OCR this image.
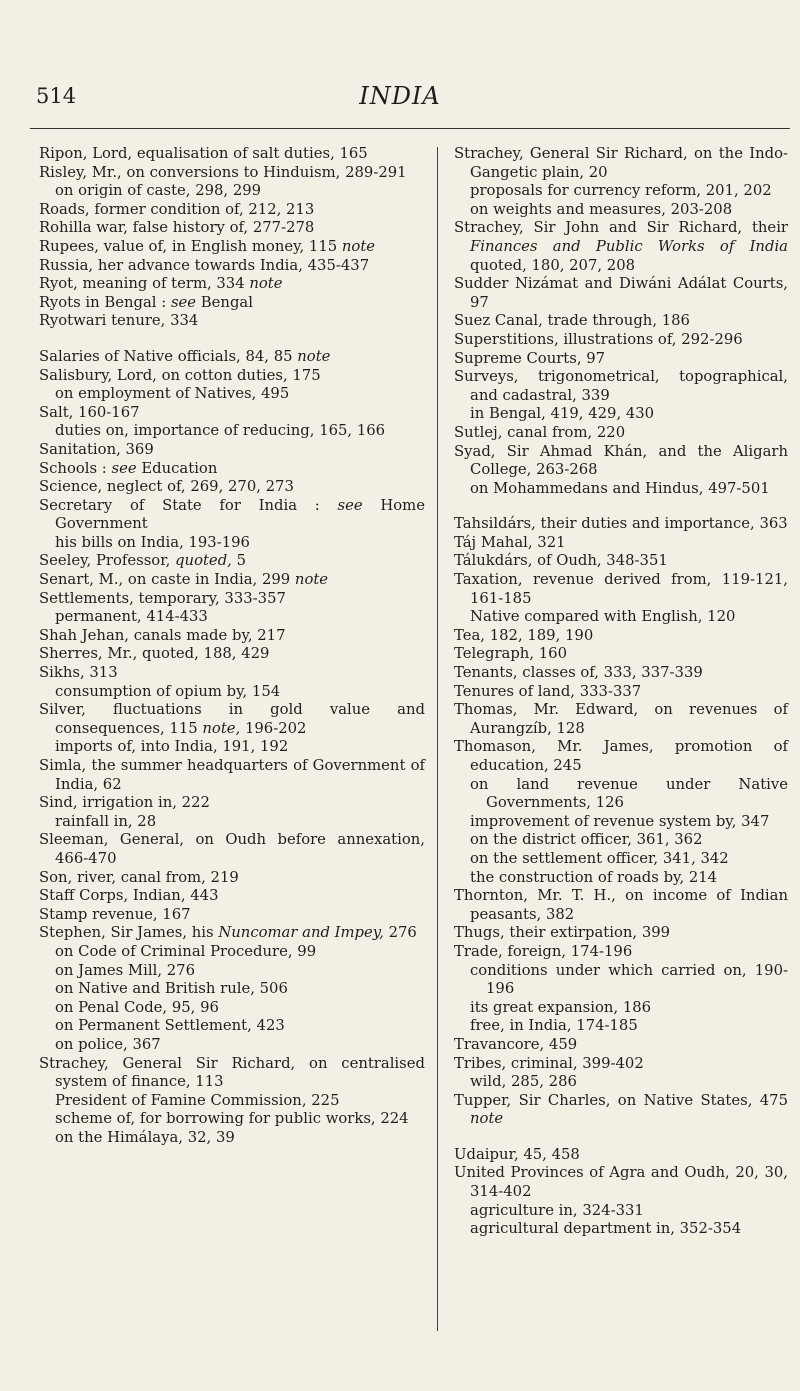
514	INDIA
Ripon, Lord, equalisation of salt duties, 165
Risley, Mr., on conversions to Hinduism, 289-291
on origin of caste, 298, 299
Roads, former condition of, 212, 213
Rohilla war, false history of, 277-278
Rupees, value of, in English money, 115 note
Russia, her advance towards India, 435-437
Ryot, meaning of term, 334 note
Ryots in Bengal : see Bengal
Ryotwari tenure, 334
Salaries of Native officials, 84, 85 note
Salisbury, Lord, on cotton duties, 175
on employment of Natives, 495
Salt, 160-167
duties on, importance of reducing, 165, 166
Sanitation, 369
Schools : see Education
Science, neglect of, 269, 270, 273
Secretary of State for India : see Home Government
his bills on India, 193-196
Seeley, Professor, quoted, 5
Senart, M., on caste in India, 299 note
Settlements, temporary, 333-357
permanent, 414-433
Shah Jehan, canals made by, 217
Sherres, Mr., quoted, 188, 429
Sikhs, 313
consumption of opium by, 154
Silver, fluctuations in gold value and consequences, 115 note, 196-202
imports of, into India, 191, 192
Simla, the summer headquarters of Government of India, 62
Sind, irrigation in, 222
rainfall in, 28
Sleeman, General, on Oudh before annexation, 466-470
Son, river, canal from, 219
Staff Corps, Indian, 443
Stamp revenue, 167
Stephen, Sir James, his Nuncomar and Impey, 276
on Code of Criminal Procedure, 99
on James Mill, 276
on Native and British rule, 506
on Penal Code, 95, 96
on Permanent Settlement, 423
on police, 367
Strachey, General Sir Richard, on centralised system of finance, 113
President of Famine Commission, 225
scheme of, for borrowing for public works, 224
on the Himálaya, 32, 39
Strachey, General Sir Richard, on the Indo-Gangetic plain, 20
proposals for currency reform, 201, 202
on weights and measures, 203-208
Strachey, Sir John and Sir Richard, their Finances and Public Works of India quoted, 180, 207, 208
Sudder Nizámat and Diwáni Adálat Courts, 97
Suez Canal, trade through, 186
Superstitions, illustrations of, 292-296
Supreme Courts, 97
Surveys, trigonometrical, topographical, and cadastral, 339
in Bengal, 419, 429, 430
Sutlej, canal from, 220
Syad, Sir Ahmad Khán, and the Aligarh College, 263-268
on Mohammedans and Hindus, 497-501
Tahsildárs, their duties and importance, 363
Táj Mahal, 321
Tálukdárs, of Oudh, 348-351
Taxation, revenue derived from, 119-121, 161-185
Native compared with English, 120
Tea, 182, 189, 190
Telegraph, 160
Tenants, classes of, 333, 337-339
Tenures of land, 333-337
Thomas, Mr. Edward, on revenues of Aurangzíb, 128
Thomason, Mr. James, promotion of education, 245
on land revenue under Native Governments, 126
improvement of revenue system by, 347
on the district officer, 361, 362
on the settlement officer, 341, 342
the construction of roads by, 214
Thornton, Mr. T. H., on income of Indian peasants, 382
Thugs, their extirpation, 399
Trade, foreign, 174-196
conditions under which carried on, 190-196
its great expansion, 186
free, in India, 174-185
Travancore, 459
Tribes, criminal, 399-402
wild, 285, 286
Tupper, Sir Charles, on Native States, 475 note
Udaipur, 45, 458
United Provinces of Agra and Oudh, 20, 30, 314-402
agriculture in, 324-331
agricultural department in, 352-354
